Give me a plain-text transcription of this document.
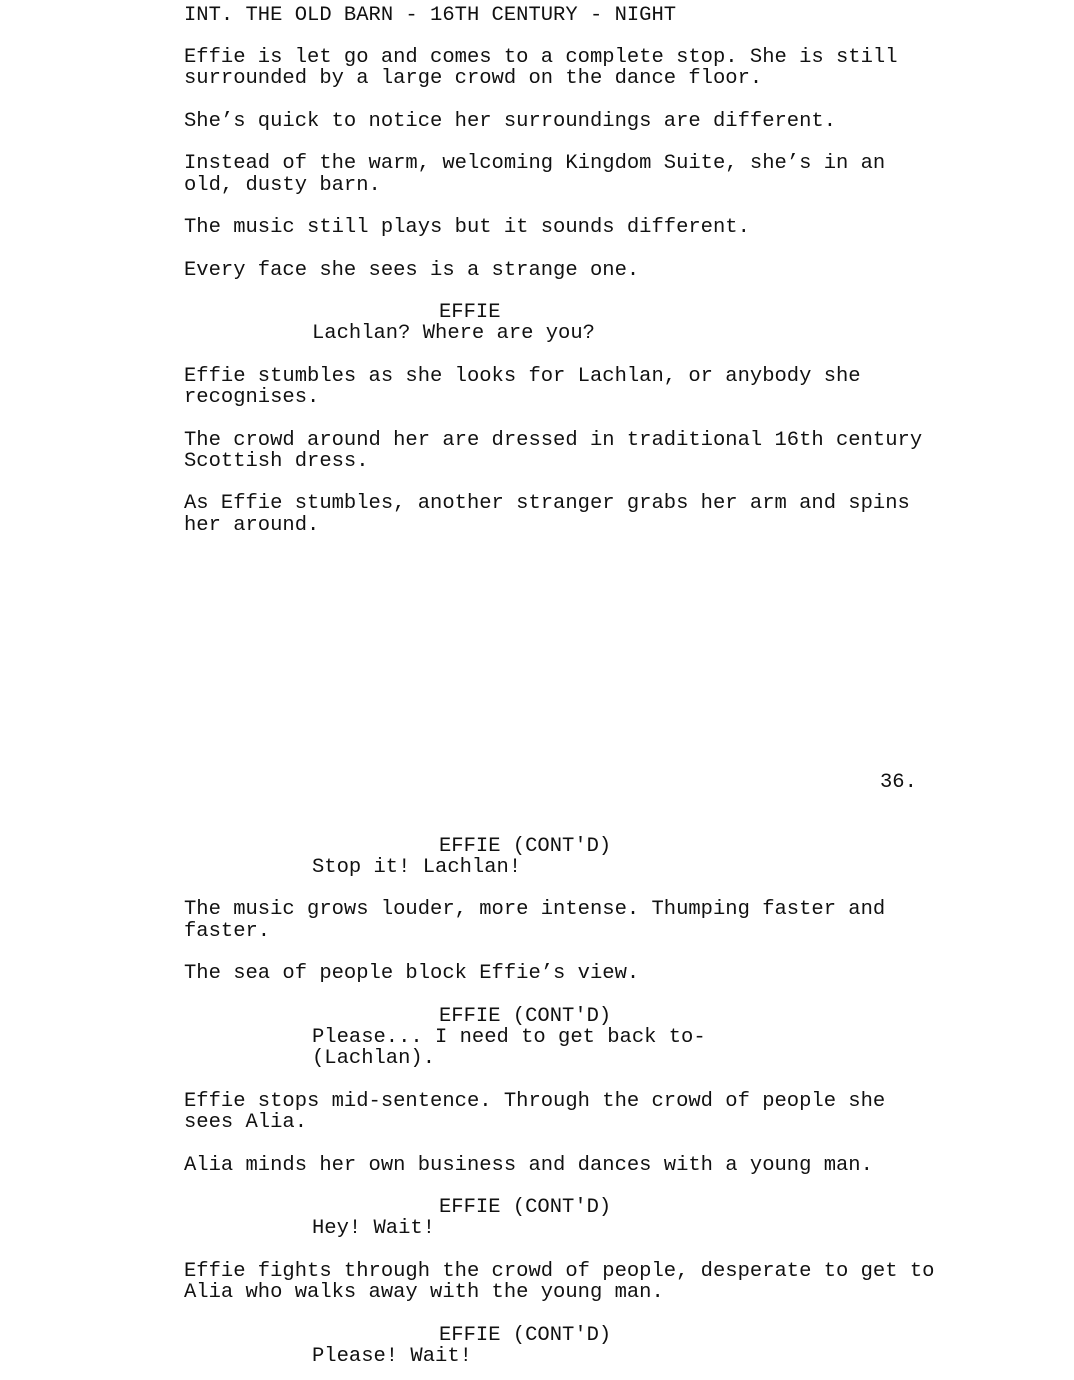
INT. THE OLD BARN - 16TH CENTURY - NIGHT

Effie is let go and comes to a complete stop. She is still

surrounded by a large crowd on the dance floor.

She’s quick to notice her surroundings are different.

Instead of the warm, welcoming Kingdom Suite, she’s in an

old, dusty barn.

The music still plays but it sounds different.

Every face she sees is a strange one.

EFFIE

Lachlan? Where are you?

Effie stumbles as she looks for Lachlan, or anybody she

recognises.

The crowd around her are dressed in traditional 16th century

Scottish dress.

As Effie stumbles, another stranger grabs her arm and spins

her around.

36.

EFFIE (CONT'D)

Stop it! Lachlan!

The music grows louder, more intense. Thumping faster and

faster.

The sea of people block Effie’s view.

EFFIE (CONT'D)

Please... I need to get back to-

(Lachlan).

Effie stops mid-sentence. Through the crowd of people she

sees Alia.

Alia minds her own business and dances with a young man.

EFFIE (CONT'D)

Hey! Wait!

Effie fights through the crowd of people, desperate to get to

Alia who walks away with the young man.

EFFIE (CONT'D)

Please! Wait!
